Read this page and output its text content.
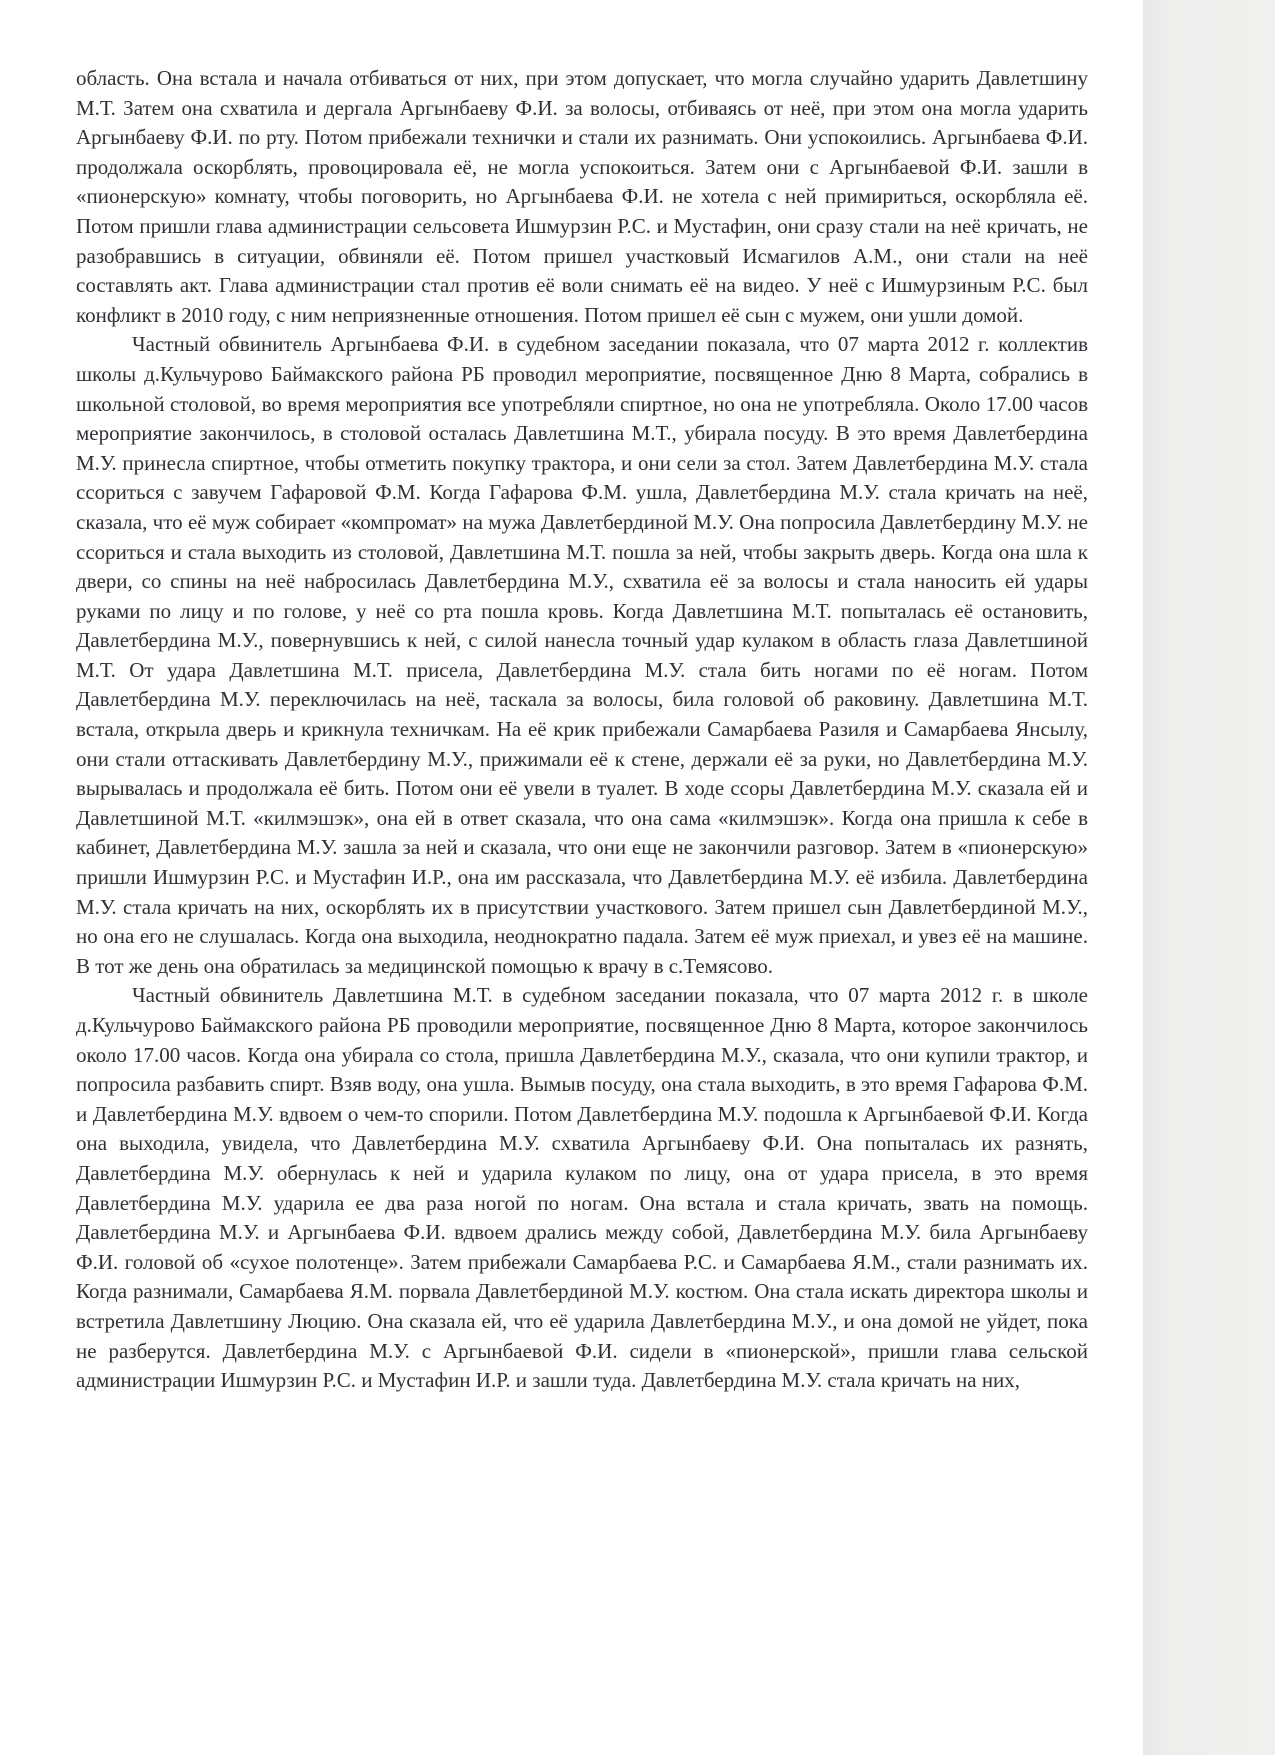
область. Она встала и начала отбиваться от них, при этом допускает, что могла случайно ударить Давлетшину М.Т. Затем она схватила и дергала Аргынбаеву Ф.И. за волосы, отбиваясь от неё, при этом она могла ударить Аргынбаеву Ф.И. по рту. Потом прибежали технички и стали их разнимать. Они успокоились. Аргынбаева Ф.И. продолжала оскорблять, провоцировала её, не могла успокоиться. Затем они с Аргынбаевой Ф.И. зашли в «пионерскую» комнату, чтобы поговорить, но Аргынбаева Ф.И. не хотела с ней примириться, оскорбляла её. Потом пришли глава администрации сельсовета Ишмурзин Р.С. и Мустафин, они сразу стали на неё кричать, не разобравшись в ситуации, обвиняли её. Потом пришел участковый Исмагилов А.М., они стали на неё составлять акт. Глава администрации стал против её воли снимать её на видео. У неё с Ишмурзиным Р.С. был конфликт в 2010 году, с ним неприязненные отношения. Потом пришел её сын с мужем, они ушли домой.

Частный обвинитель Аргынбаева Ф.И. в судебном заседании показала, что 07 марта 2012 г. коллектив школы д.Кульчурово Баймакского района РБ проводил мероприятие, посвященное Дню 8 Марта, собрались в школьной столовой, во время мероприятия все употребляли спиртное, но она не употребляла. Около 17.00 часов мероприятие закончилось, в столовой осталась Давлетшина М.Т., убирала посуду. В это время Давлетбердина М.У. принесла спиртное, чтобы отметить покупку трактора, и они сели за стол. Затем Давлетбердина М.У. стала ссориться с завучем Гафаровой Ф.М. Когда Гафарова Ф.М. ушла, Давлетбердина М.У. стала кричать на неё, сказала, что её муж собирает «компромат» на мужа Давлетбердиной М.У. Она попросила Давлетбердину М.У. не ссориться и стала выходить из столовой, Давлетшина М.Т. пошла за ней, чтобы закрыть дверь. Когда она шла к двери, со спины на неё набросилась Давлетбердина М.У., схватила её за волосы и стала наносить ей удары руками по лицу и по голове, у неё со рта пошла кровь. Когда Давлетшина М.Т. попыталась её остановить, Давлетбердина М.У., повернувшись к ней, с силой нанесла точный удар кулаком в область глаза Давлетшиной М.Т. От удара Давлетшина М.Т. присела, Давлетбердина М.У. стала бить ногами по её ногам. Потом Давлетбердина М.У. переключилась на неё, таскала за волосы, била головой об раковину. Давлетшина М.Т. встала, открыла дверь и крикнула техничкам. На её крик прибежали Самарбаева Разиля и Самарбаева Янсылу, они стали оттаскивать Давлетбердину М.У., прижимали её к стене, держали её за руки, но Давлетбердина М.У. вырывалась и продолжала её бить. Потом они её увели в туалет. В ходе ссоры Давлетбердина М.У. сказала ей и Давлетшиной М.Т. «килмэшэк», она ей в ответ сказала, что она сама «килмэшэк». Когда она пришла к себе в кабинет, Давлетбердина М.У. зашла за ней и сказала, что они еще не закончили разговор. Затем в «пионерскую» пришли Ишмурзин Р.С. и Мустафин И.Р., она им рассказала, что Давлетбердина М.У. её избила. Давлетбердина М.У. стала кричать на них, оскорблять их в присутствии участкового. Затем пришел сын Давлетбердиной М.У., но она его не слушалась. Когда она выходила, неоднократно падала. Затем её муж приехал, и увез её на машине. В тот же день она обратилась за медицинской помощью к врачу в с.Темясово.

Частный обвинитель Давлетшина М.Т. в судебном заседании показала, что 07 марта 2012 г. в школе д.Кульчурово Баймакского района РБ проводили мероприятие, посвященное Дню 8 Марта, которое закончилось около 17.00 часов. Когда она убирала со стола, пришла Давлетбердина М.У., сказала, что они купили трактор, и попросила разбавить спирт. Взяв воду, она ушла. Вымыв посуду, она стала выходить, в это время Гафарова Ф.М. и Давлетбердина М.У. вдвоем о чем-то спорили. Потом Давлетбердина М.У. подошла к Аргынбаевой Ф.И. Когда она выходила, увидела, что Давлетбердина М.У. схватила Аргынбаеву Ф.И. Она попыталась их разнять, Давлетбердина М.У. обернулась к ней и ударила кулаком по лицу, она от удара присела, в это время Давлетбердина М.У. ударила ее два раза ногой по ногам. Она встала и стала кричать, звать на помощь. Давлетбердина М.У. и Аргынбаева Ф.И. вдвоем дрались между собой, Давлетбердина М.У. била Аргынбаеву Ф.И. головой об «сухое полотенце». Затем прибежали Самарбаева Р.С. и Самарбаева Я.М., стали разнимать их. Когда разнимали, Самарбаева Я.М. порвала Давлетбердиной М.У. костюм. Она стала искать директора школы и встретила Давлетшину Люцию. Она сказала ей, что её ударила Давлетбердина М.У., и она домой не уйдет, пока не разберутся. Давлетбердина М.У. с Аргынбаевой Ф.И. сидели в «пионерской», пришли глава сельской администрации Ишмурзин Р.С. и Мустафин И.Р. и зашли туда. Давлетбердина М.У. стала кричать на них,
